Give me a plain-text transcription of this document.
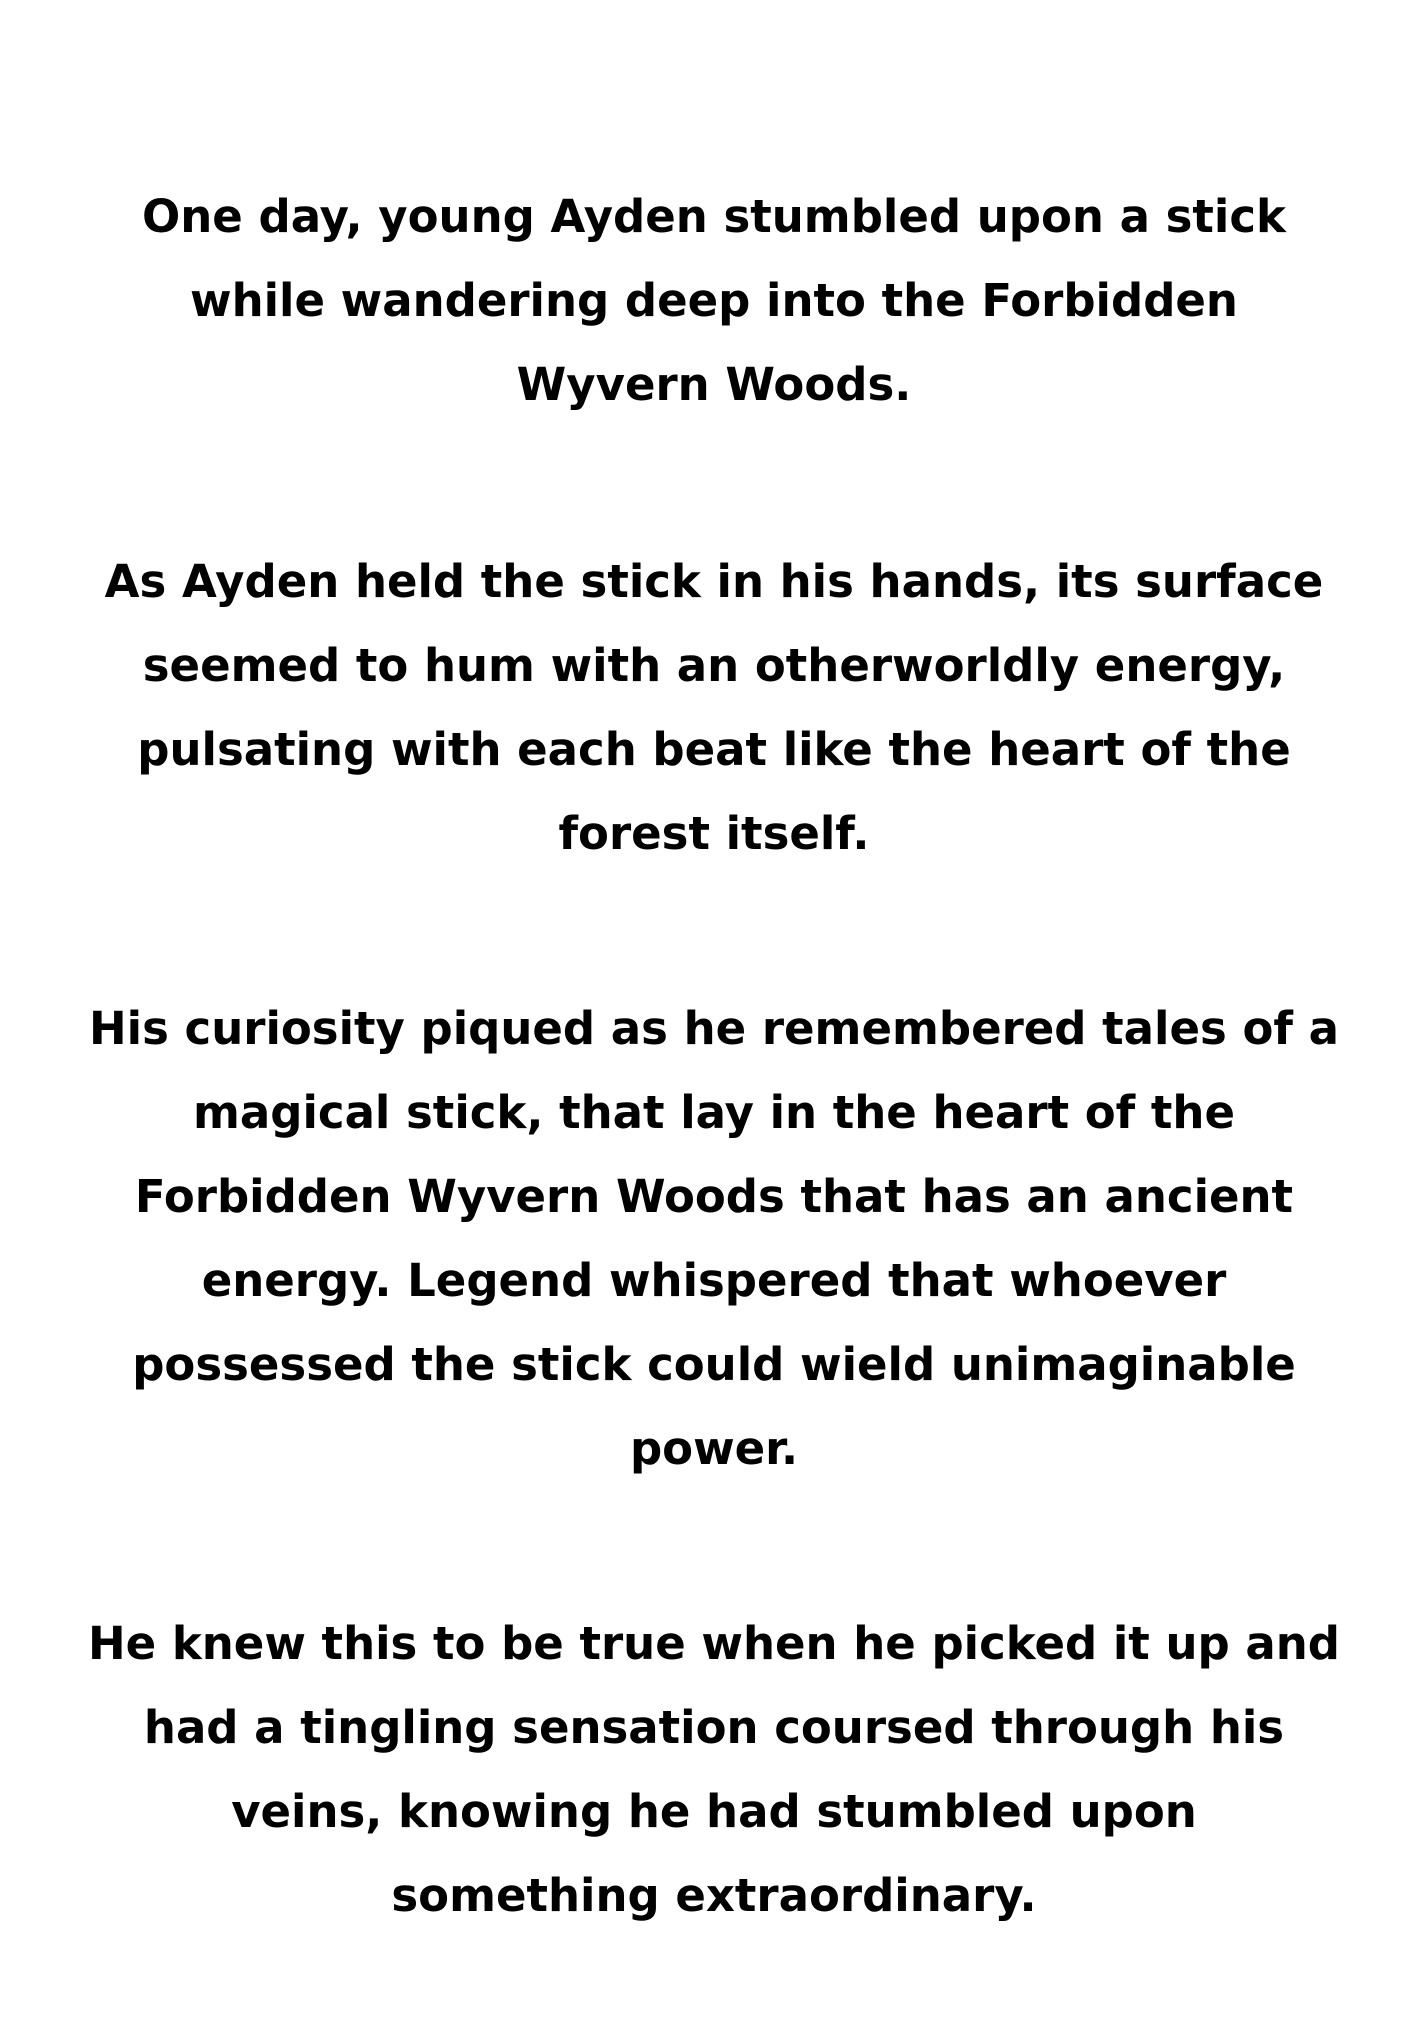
One day, young Ayden stumbled upon a stick
while wandering deep into the Forbidden
Wyvern Woods.

As Ayden held the stick in his hands, its surface
seemed to hum with an otherworldly energy,
pulsating with each beat like the heart of the
forest itself.

His curiosity piqued as he remembered tales of a
magical stick, that lay in the heart of the
Forbidden Wyvern Woods that has an ancient
energy. Legend whispered that whoever
possessed the stick could wield unimaginable
power.

He knew this to be true when he picked it up and
had a tingling sensation coursed through his
veins, knowing he had stumbled upon
something extraordinary.
